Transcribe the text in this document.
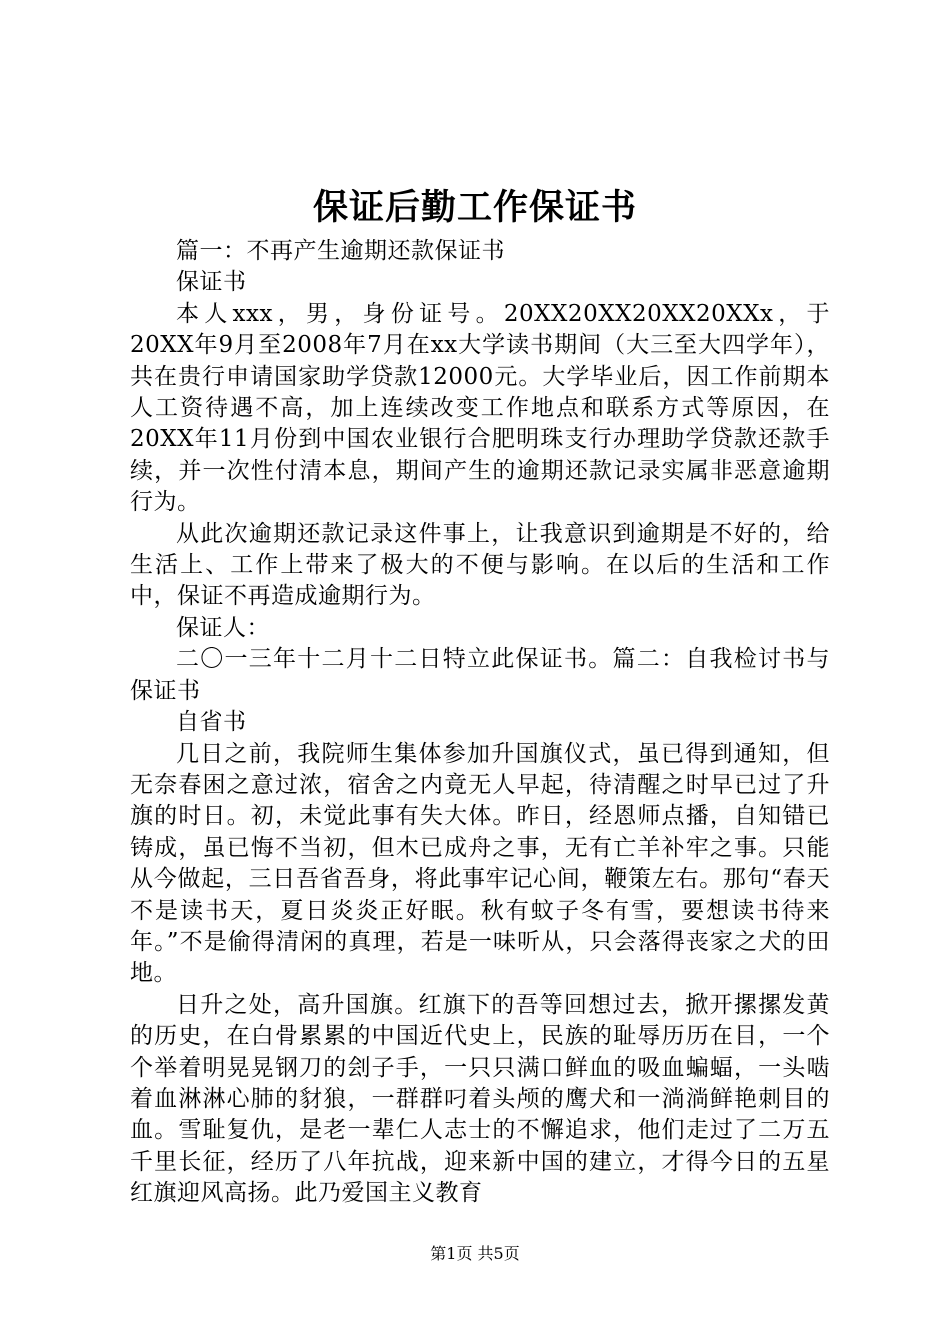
保证后勤工作保证书

篇一：不再产生逾期还款保证书

保证书

本人xxx，男，身份证号。20XX20XX20XX20XXx，于20XX年9月至2008年7月在xx大学读书期间（大三至大四学年），共在贵行申请国家助学贷款12000元。大学毕业后，因工作前期本人工资待遇不高，加上连续改变工作地点和联系方式等原因，在20XX年11月份到中国农业银行合肥明珠支行办理助学贷款还款手续，并一次性付清本息，期间产生的逾期还款记录实属非恶意逾期行为。

从此次逾期还款记录这件事上，让我意识到逾期是不好的，给生活上、工作上带来了极大的不便与影响。在以后的生活和工作中，保证不再造成逾期行为。

保证人：

二〇一三年十二月十二日特立此保证书。篇二：自我检讨书与保证书

自省书

几日之前，我院师生集体参加升国旗仪式，虽已得到通知，但无奈春困之意过浓，宿舍之内竟无人早起，待清醒之时早已过了升旗的时日。初，未觉此事有失大体。昨日，经恩师点播，自知错已铸成，虽已悔不当初，但木已成舟之事，无有亡羊补牢之事。只能从今做起，三日吾省吾身，将此事牢记心间，鞭策左右。那句“春天不是读书天，夏日炎炎正好眠。秋有蚊子冬有雪，要想读书待来年。”不是偷得清闲的真理，若是一味听从，只会落得丧家之犬的田地。

日升之处，高升国旗。红旗下的吾等回想过去，掀开摞摞发黄的历史，在白骨累累的中国近代史上，民族的耻辱历历在目，一个个举着明晃晃钢刀的刽子手，一只只满口鲜血的吸血蝙蝠，一头啮着血淋淋心肺的豺狼，一群群叼着头颅的鹰犬和一淌淌鲜艳刺目的血。雪耻复仇，是老一辈仁人志士的不懈追求，他们走过了二万五千里长征，经历了八年抗战，迎来新中国的建立，才得今日的五星红旗迎风高扬。此乃爱国主义教育

第1页 共5页
